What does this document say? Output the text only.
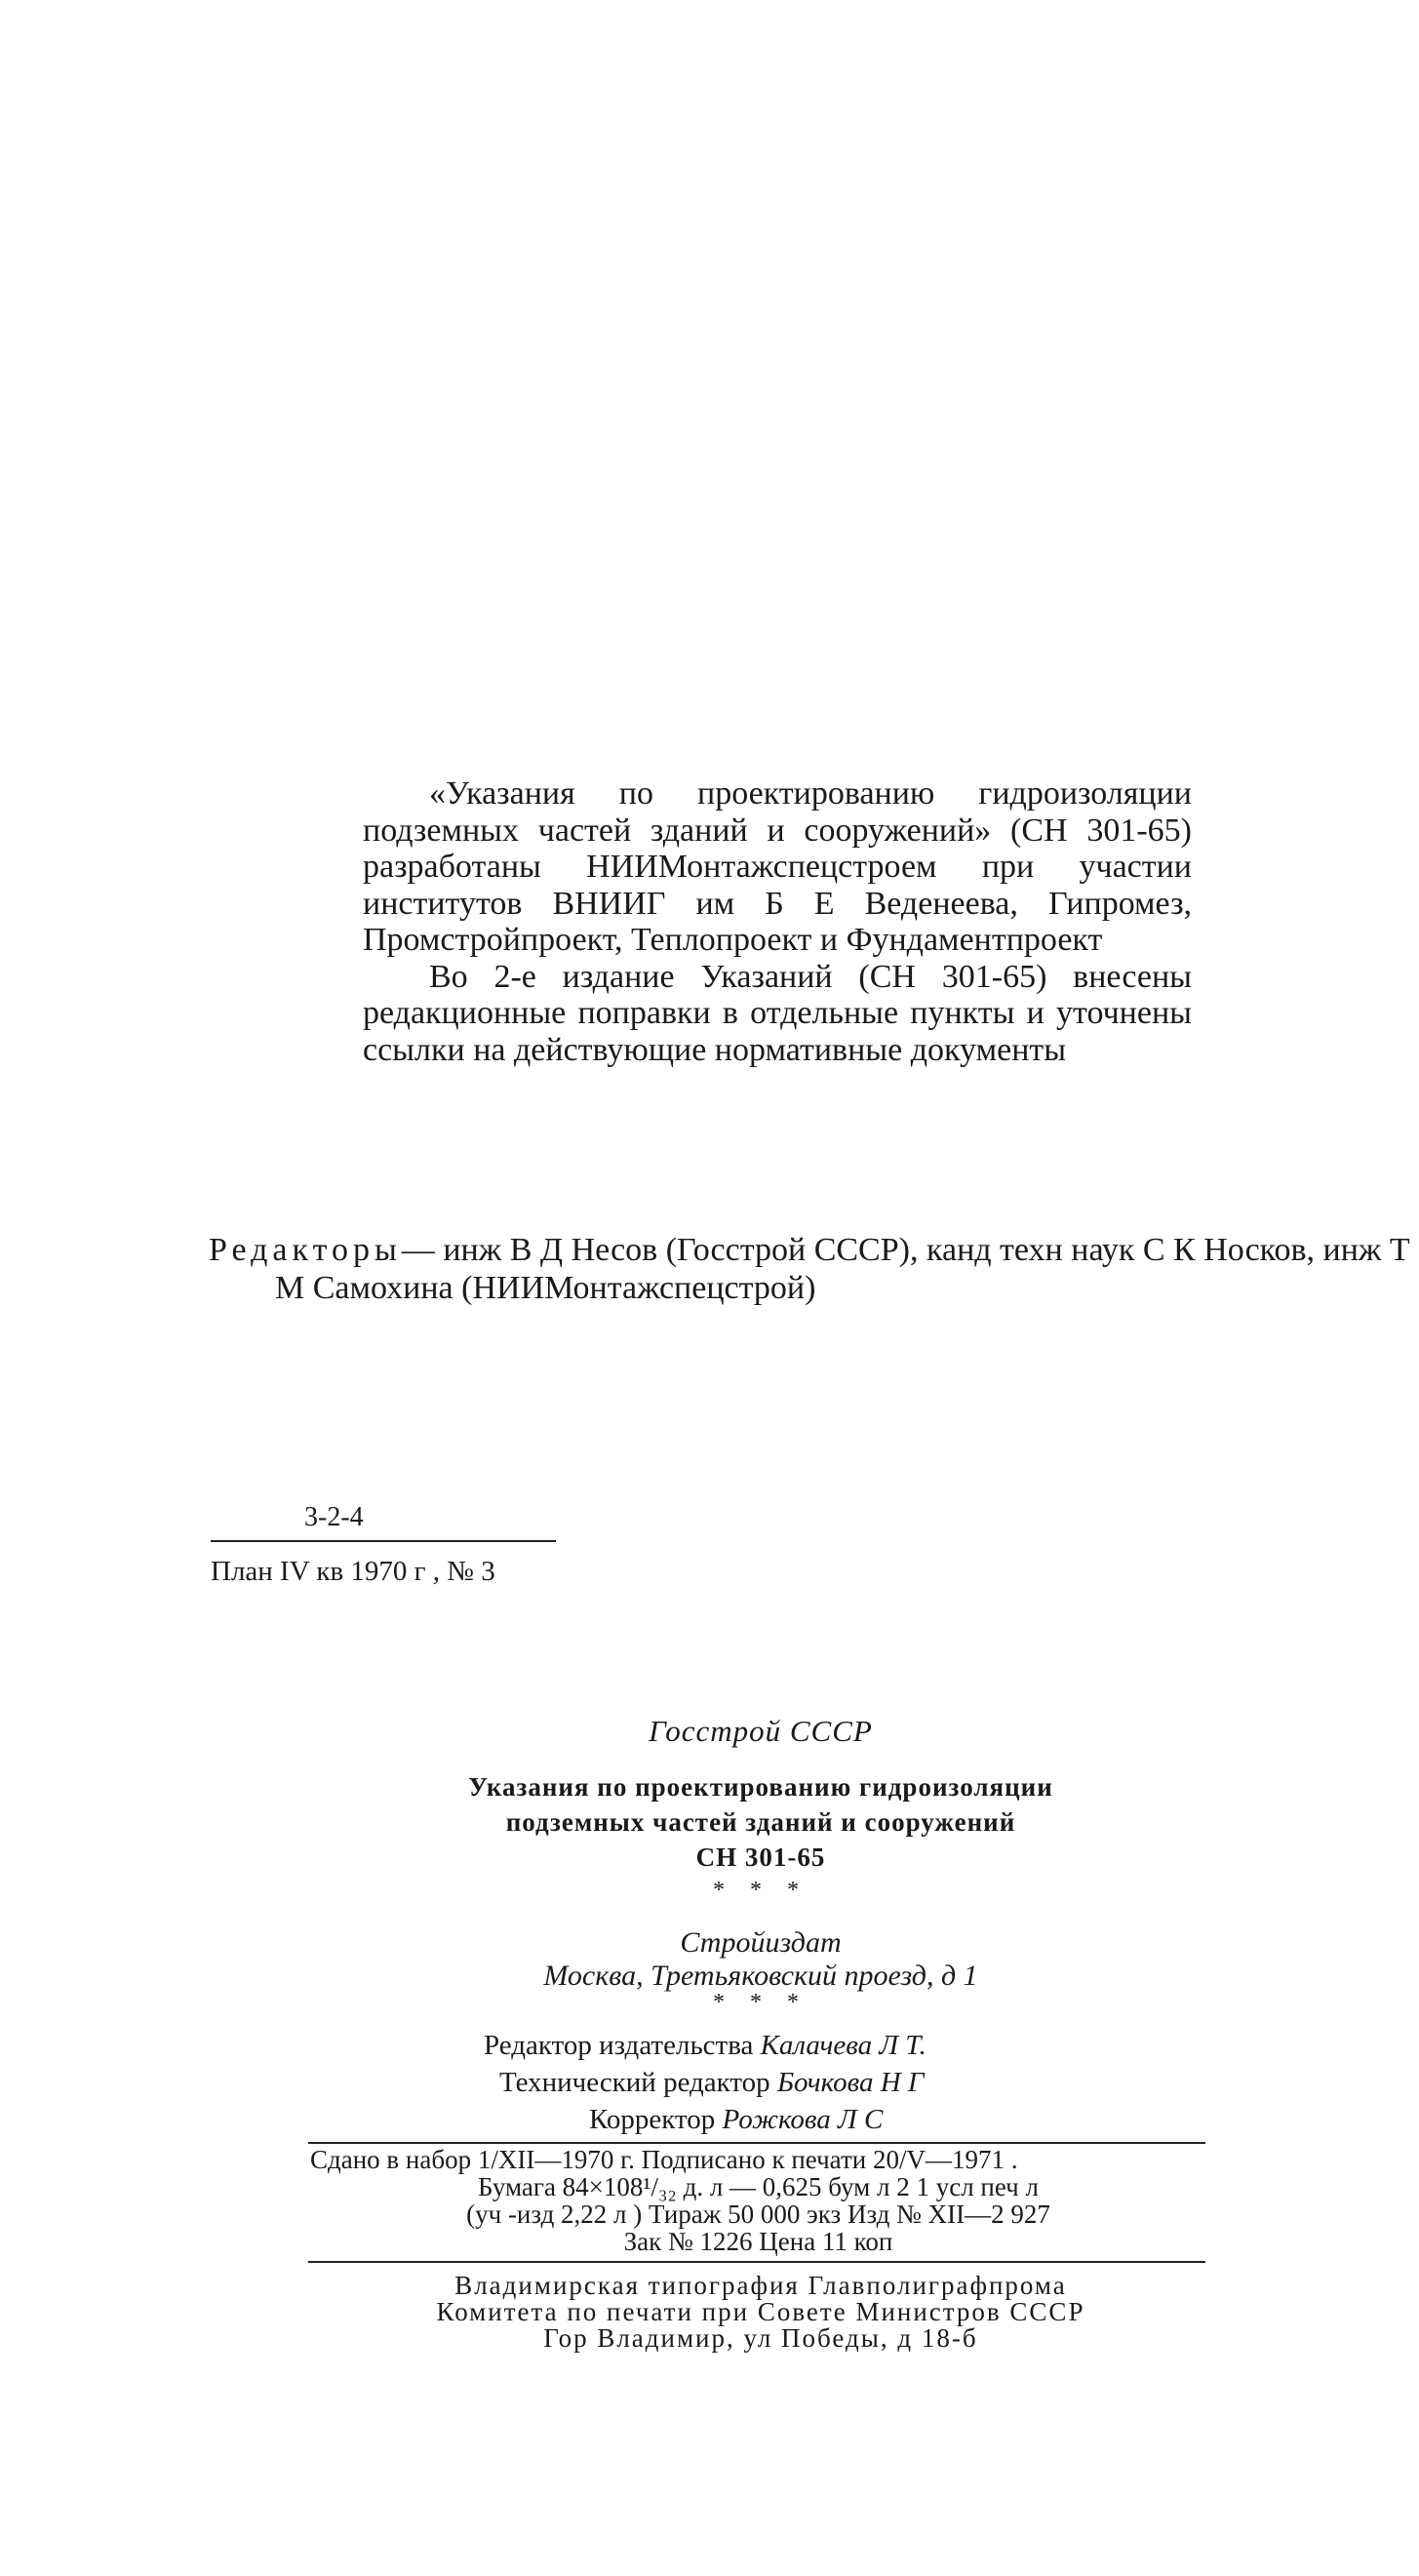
«Указания по проектированию гидроизоляции подземных частей зданий и сооружений» (СН 301-65) разработаны НИИМонтажспецстроем при участии институтов ВНИИГ им Б Е Веденеева, Гипромез, Промстройпроект, Теплопроект и Фундаментпроект

Во 2-е издание Указаний (СН 301-65) внесены редакционные поправки в отдельные пункты и уточнены ссылки на действующие нормативные документы

Редакторы— инж В Д Несов (Госстрой СССР), канд техн наук С К Носков, инж Т М Самохина (НИИМонтажспецстрой)
3-2-4
План IV кв 1970 г , № 3
Госстрой СССР
Указания по проектированию гидроизоляции
подземных частей зданий и сооружений
СН 301-65
* * *
Стройиздат
Москва, Третьяковский проезд, д 1
* * *
Редактор издательства Калачева Л Т.
Технический редактор Бочкова Н Г
Корректор Рожкова Л С
Сдано в набор 1/XII—1970 г. Подписано к печати 20/V—1971 .
Бумага 84×108¹/₃₂ д. л — 0,625 бум л 2 1 усл печ л
(уч -изд 2,22 л ) Тираж 50 000 экз Изд № XII—2 927
Зак № 1226 Цена 11 коп
Владимирская типография Главполиграфпрома
Комитета по печати при Совете Министров СССР
Гор Владимир, ул Победы, д 18-б
